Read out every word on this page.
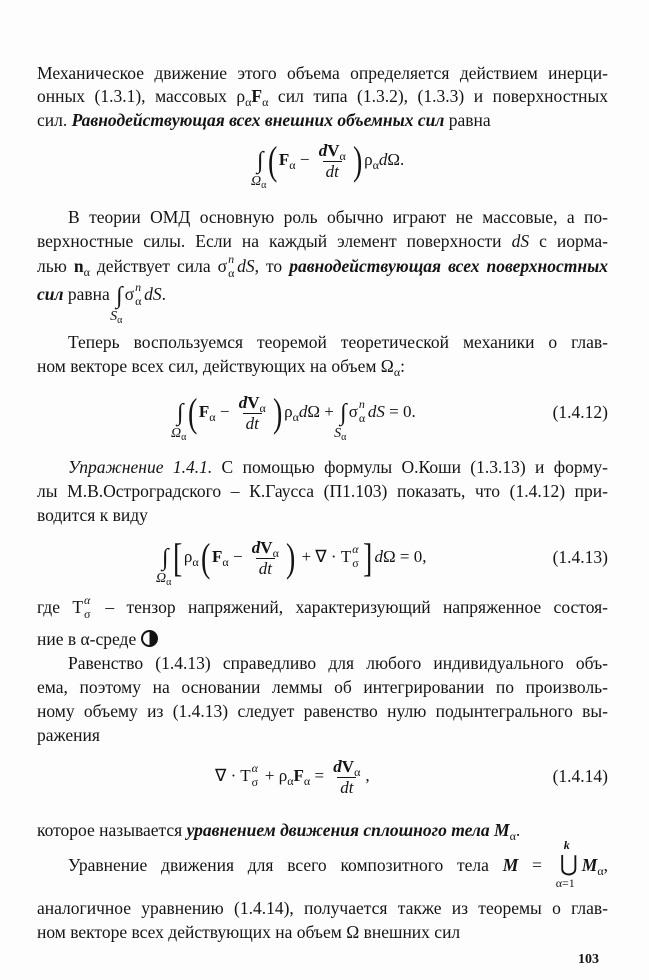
103
Механическое движение этого объема определяется действием инерци-
онных (1.3.1), массовых $\rho_\alpha F_\alpha$ сил типа (1.3.2), (1.3.3) и поверхностных
сил. Равнодействующая всех внешних объемных сил равна
В теории ОМД основную роль обычно играют не массовые, а по-
верхностные силы. Если на каждый элемент поверхности dS с иорма-
лью $n_\alpha$ действует сила σ n
α dS, то равнодействующая всех поверхностных
сил равна ∫
$S_\alpha$
σ n
α dS.
Теперь воспользуемся теоремой теоретической механики о глав-
ном векторе всех сил, действующих на объем $\Omega_\alpha$:
Упражнение 1.4.1. С помощью формулы О.Коши (1.3.13) и форму-
лы М.В.Остроградского – К.Гаусса (П1.103) показать, что (1.4.12) при-
водится к виду
где T α
σ – тензор напряжений, характеризующий напряженное состоя-
ние в α-среде
Равенство (1.4.13) справедливо для любого индивидуального объ-
ема, поэтому на основании леммы об интегрировании по произволь-
ному объему из (1.4.13) следует равенство нулю подынтегрального вы-
ражения
которое называется уравнением движения сплошного тела $M_\alpha$.
Уравнение движения для всего композитного тела M = ⋃
k
α=1
$M_\alpha$,
аналогичное уравнению (1.4.14), получается также из теоремы о глав-
ном векторе всех действующих на объем Ω внешних сил
∫
$\Omega_\alpha$
( $F_\alpha - \frac{dV_\alpha}{dt}$ ) $\rho_\alpha d\Omega$.
∫
$\Omega_\alpha$
( $F_\alpha - \frac{dV_\alpha}{dt}$ ) $\rho_\alpha d\Omega$ + ∫
$S_\alpha$
σ n
α dS = 0.	(1.4.12)
∫
$\Omega_\alpha$
[ $\rho_\alpha$( $F_\alpha - \frac{dV_\alpha}{dt}$ ) + ∇ · T α
σ ] dΩ = 0,	(1.4.13)
∇ · T α
$\sigma + \rho_\alpha F_\alpha = \frac{dV_\alpha}{dt}$ ,	(1.4.14)
